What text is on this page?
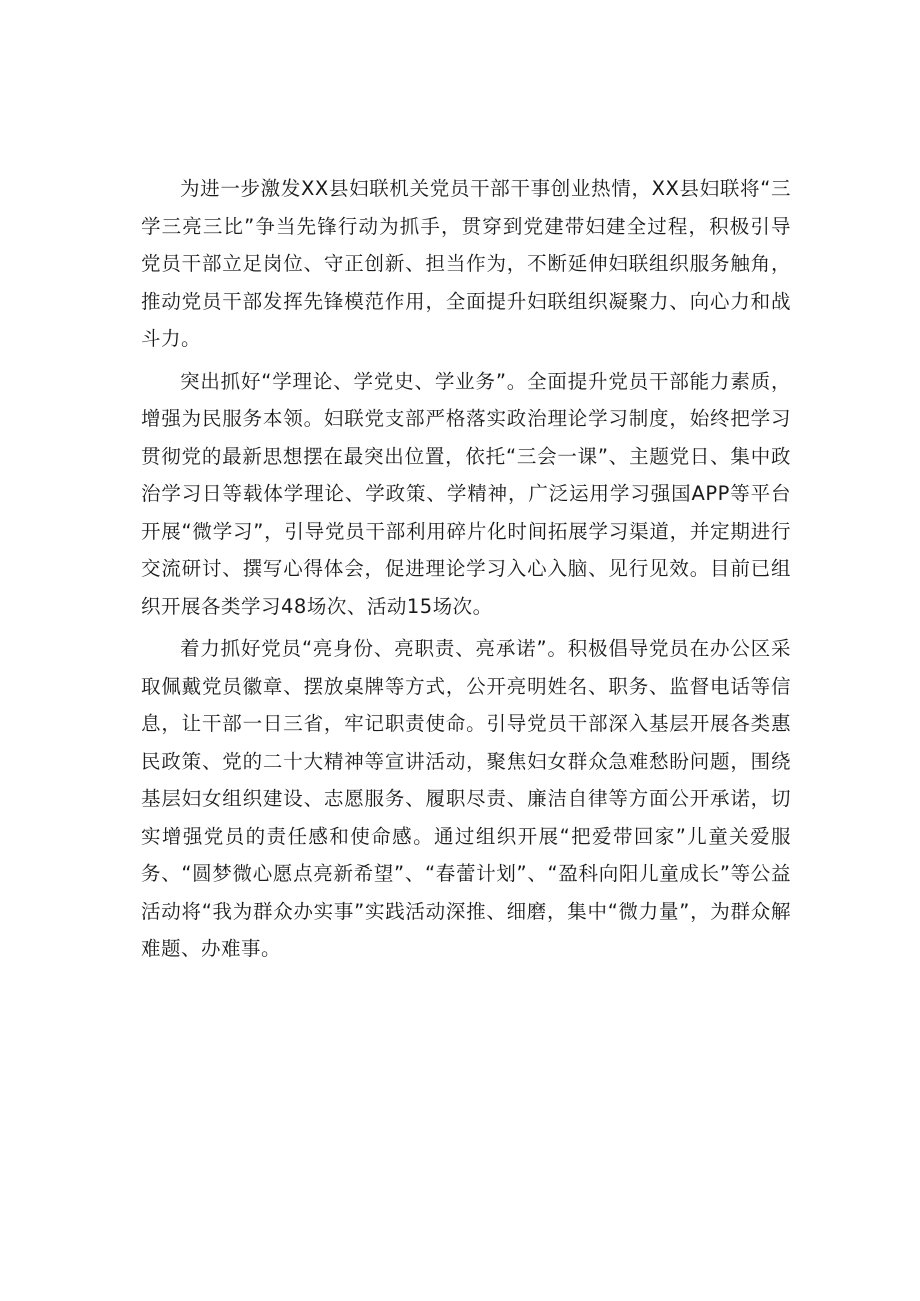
为进一步激发XX县妇联机关党员干部干事创业热情，XX县妇联将“三学三亮三比”争当先锋行动为抓手，贯穿到党建带妇建全过程，积极引导党员干部立足岗位、守正创新、担当作为，不断延伸妇联组织服务触角，推动党员干部发挥先锋模范作用，全面提升妇联组织凝聚力、向心力和战斗力。

突出抓好“学理论、学党史、学业务”。全面提升党员干部能力素质，增强为民服务本领。妇联党支部严格落实政治理论学习制度，始终把学习贯彻党的最新思想摆在最突出位置，依托“三会一课”、主题党日、集中政治学习日等载体学理论、学政策、学精神，广泛运用学习强国APP等平台开展“微学习”，引导党员干部利用碎片化时间拓展学习渠道，并定期进行交流研讨、撰写心得体会，促进理论学习入心入脑、见行见效。目前已组织开展各类学习48场次、活动15场次。

着力抓好党员“亮身份、亮职责、亮承诺”。积极倡导党员在办公区采取佩戴党员徽章、摆放桌牌等方式，公开亮明姓名、职务、监督电话等信息，让干部一日三省，牢记职责使命。引导党员干部深入基层开展各类惠民政策、党的二十大精神等宣讲活动，聚焦妇女群众急难愁盼问题，围绕基层妇女组织建设、志愿服务、履职尽责、廉洁自律等方面公开承诺，切实增强党员的责任感和使命感。通过组织开展“把爱带回家”儿童关爱服务、“圆梦微心愿点亮新希望”、“春蕾计划”、“盈科向阳儿童成长”等公益活动将“我为群众办实事”实践活动深推、细磨，集中“微力量”，为群众解难题、办难事。
